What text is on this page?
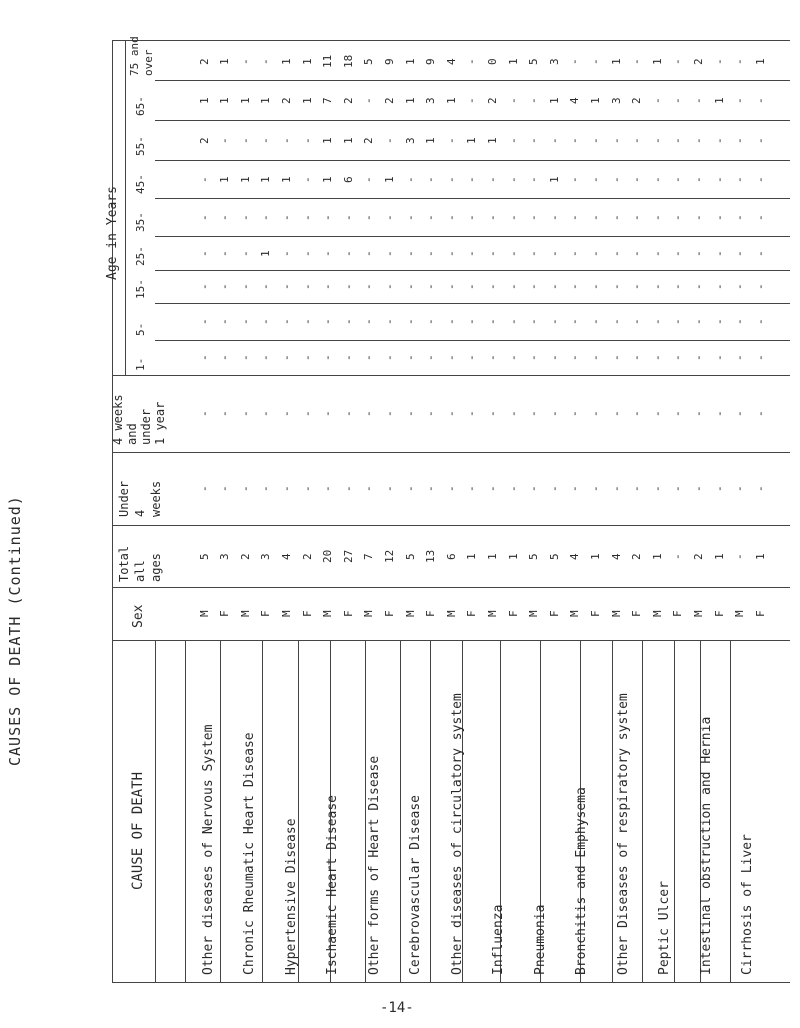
CAUSES OF DEATH (Continued)
CAUSE OF DEATH
Sex
Total all ages
Under 4 weeks
4 weeks and under 1 year
Age in Years
1-
5-
15-
25-
35-
45-
55-
65-
75 and over
Other diseases of Nervous System Chronic Rheumatic Heart Disease Hypertensive Disease Ischaemic Heart Disease Other forms of Heart Disease Cerebrovascular Disease Other diseases of circulatory system Influenza Pneumonia Bronchitis and Emphysema Other Diseases of respiratory system Peptic Ulcer Intestinal obstruction and Hernia Cirrhosis of Liver
M
5
-
-
-
-
-
-
-
-
2
1
2
F
3
-
-
-
-
-
-
-
1
-
1
1
M
2
-
-
-
-
-
-
-
1
-
1
-
F
3
-
-
-
-
-
1
-
1
-
1
-
M
4
-
-
-
-
-
-
-
1
-
2
1
F
2
-
-
-
-
-
-
-
-
-
1
1
M
20
-
-
-
-
-
-
-
1
1
7
11
F
27
-
-
-
-
-
-
-
6
1
2
18
M
7
-
-
-
-
-
-
-
-
2
-
5
F
12
-
-
-
-
-
-
-
1
-
2
9
M
5
-
-
-
-
-
-
-
-
3
1
1
F
13
-
-
-
-
-
-
-
-
1
3
9
M
6
-
-
-
-
-
-
-
-
-
1
4
F
1
-
-
-
-
-
-
-
-
1
-
-
M
1
-
-
-
-
-
-
-
-
1
2
0
F
1
-
-
-
-
-
-
-
-
-
-
1
M
5
-
-
-
-
-
-
-
-
-
-
5
F
5
-
-
-
-
-
-
-
1
-
1
3
M
4
-
-
-
-
-
-
-
-
-
4
-
F
1
-
-
-
-
-
-
-
-
-
1
-
M
4
-
-
-
-
-
-
-
-
-
3
1
F
2
-
-
-
-
-
-
-
-
-
2
-
M
1
-
-
-
-
-
-
-
-
-
-
1
F
-
-
-
-
-
-
-
-
-
-
-
-
M
2
-
-
-
-
-
-
-
-
-
-
2
F
1
-
-
-
-
-
-
-
-
-
1
-
M
-
-
-
-
-
-
-
-
-
-
-
-
F
1
-
-
-
-
-
-
-
-
-
-
1
-14-
